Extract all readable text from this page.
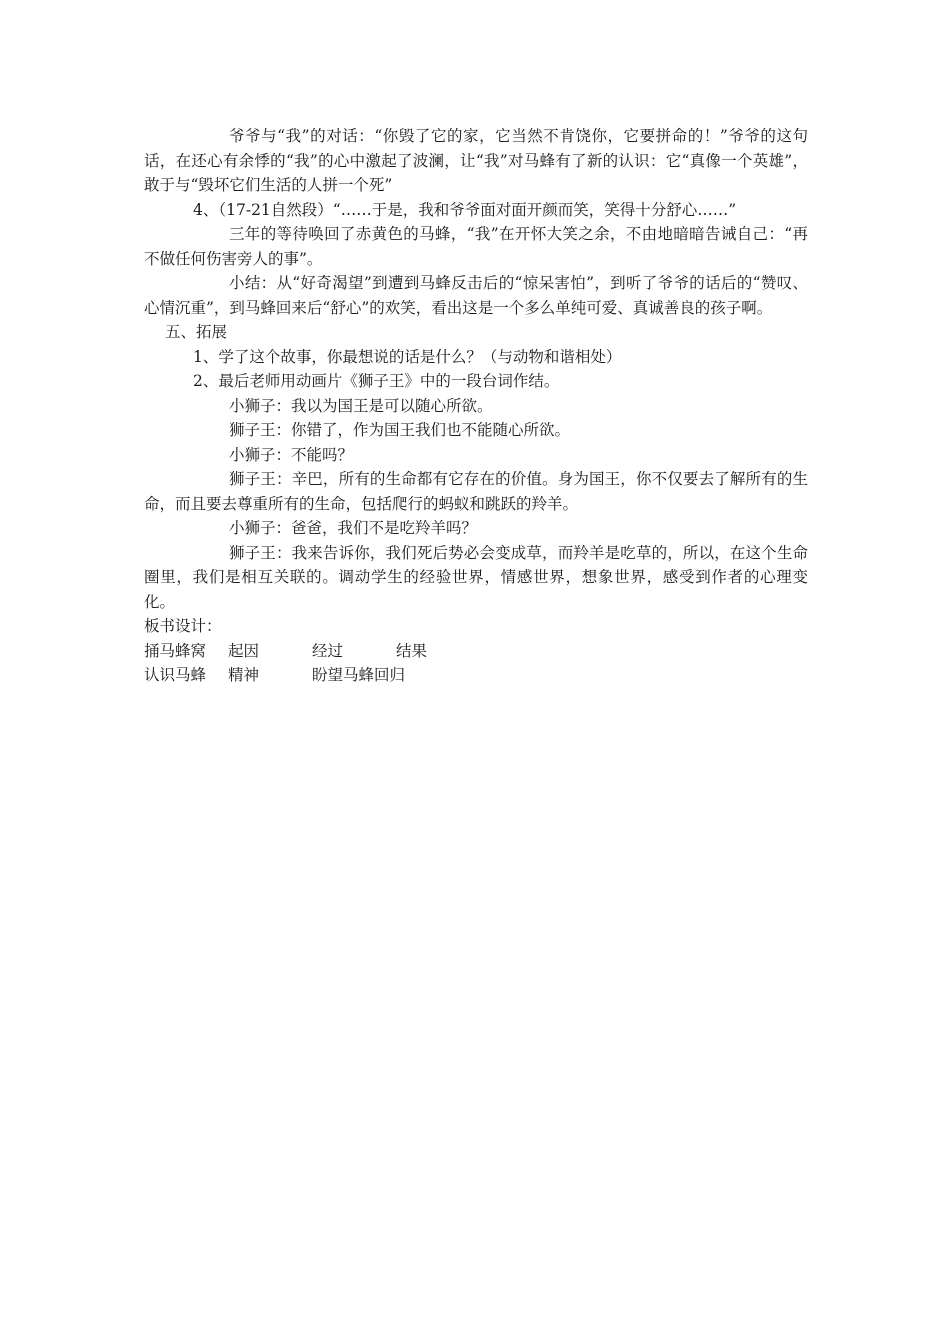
爷爷与“我”的对话：“你毁了它的家，它当然不肯饶你，它要拼命的！”爷爷的这句话，在还心有余悸的“我”的心中激起了波澜，让“我”对马蜂有了新的认识：它“真像一个英雄”，敢于与“毁坏它们生活的人拼一个死”

4、（17-21自然段）“……于是，我和爷爷面对面开颜而笑，笑得十分舒心……”

三年的等待唤回了赤黄色的马蜂，“我”在开怀大笑之余，不由地暗暗告诫自己：“再不做任何伤害旁人的事”。

小结：从“好奇渴望”到遭到马蜂反击后的“惊呆害怕”，到听了爷爷的话后的“赞叹、心情沉重”，到马蜂回来后“舒心”的欢笑，看出这是一个多么单纯可爱、真诚善良的孩子啊。

五、拓展

1、学了这个故事，你最想说的话是什么？（与动物和谐相处）

2、最后老师用动画片《狮子王》中的一段台词作结。

小狮子：我以为国王是可以随心所欲。

狮子王：你错了，作为国王我们也不能随心所欲。

小狮子：不能吗？

狮子王：辛巴，所有的生命都有它存在的价值。身为国王，你不仅要去了解所有的生命，而且要去尊重所有的生命，包括爬行的蚂蚁和跳跃的羚羊。

小狮子：爸爸，我们不是吃羚羊吗？

狮子王：我来告诉你，我们死后势必会变成草，而羚羊是吃草的，所以，在这个生命圈里，我们是相互关联的。调动学生的经验世界，情感世界，想象世界，感受到作者的心理变化。

板书设计：

捅马蜂窝	起因	经过	结果
认识马蜂	精神	盼望马蜂回归
